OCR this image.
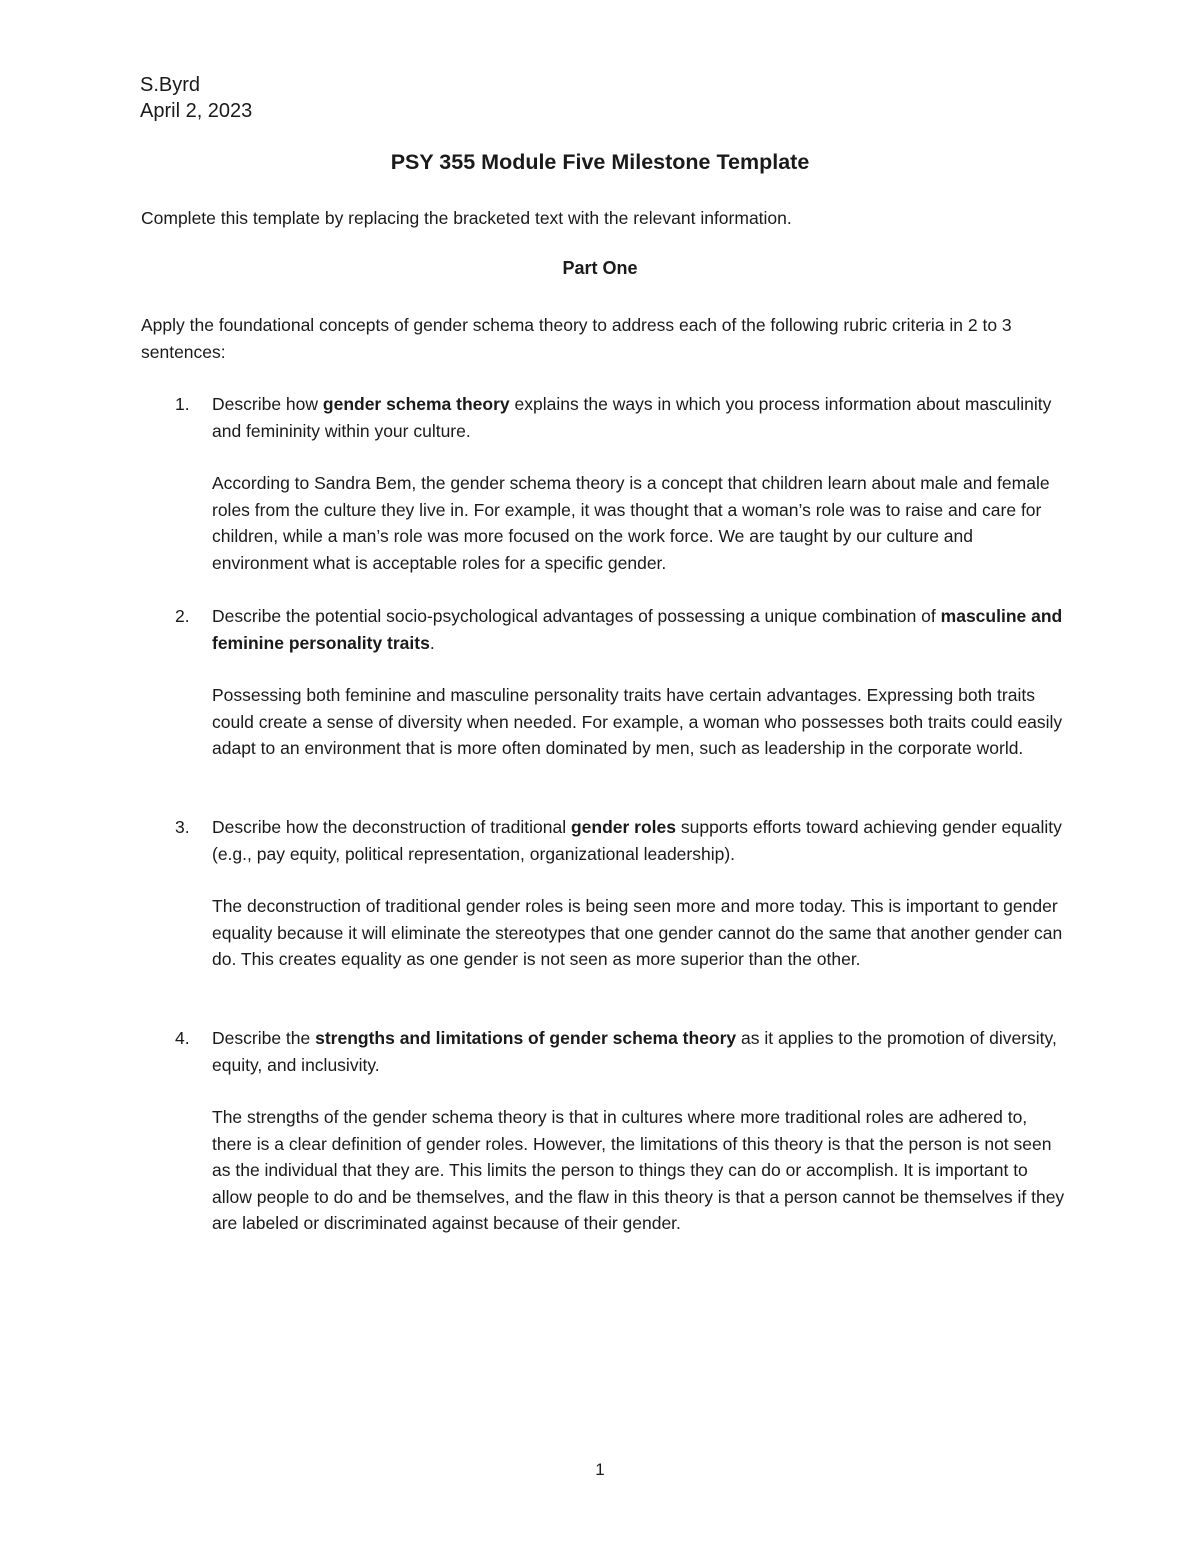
S.Byrd
April 2, 2023
PSY 355 Module Five Milestone Template
Complete this template by replacing the bracketed text with the relevant information.
Part One
Apply the foundational concepts of gender schema theory to address each of the following rubric criteria in 2 to 3 sentences:
1. Describe how gender schema theory explains the ways in which you process information about masculinity and femininity within your culture.
According to Sandra Bem, the gender schema theory is a concept that children learn about male and female roles from the culture they live in. For example, it was thought that a woman’s role was to raise and care for children, while a man’s role was more focused on the work force. We are taught by our culture and environment what is acceptable roles for a specific gender.
2. Describe the potential socio-psychological advantages of possessing a unique combination of masculine and feminine personality traits.
Possessing both feminine and masculine personality traits have certain advantages. Expressing both traits could create a sense of diversity when needed. For example, a woman who possesses both traits could easily adapt to an environment that is more often dominated by men, such as leadership in the corporate world.
3. Describe how the deconstruction of traditional gender roles supports efforts toward achieving gender equality (e.g., pay equity, political representation, organizational leadership).
The deconstruction of traditional gender roles is being seen more and more today. This is important to gender equality because it will eliminate the stereotypes that one gender cannot do the same that another gender can do. This creates equality as one gender is not seen as more superior than the other.
4. Describe the strengths and limitations of gender schema theory as it applies to the promotion of diversity, equity, and inclusivity.
The strengths of the gender schema theory is that in cultures where more traditional roles are adhered to, there is a clear definition of gender roles. However, the limitations of this theory is that the person is not seen as the individual that they are. This limits the person to things they can do or accomplish. It is important to allow people to do and be themselves, and the flaw in this theory is that a person cannot be themselves if they are labeled or discriminated against because of their gender.
1
